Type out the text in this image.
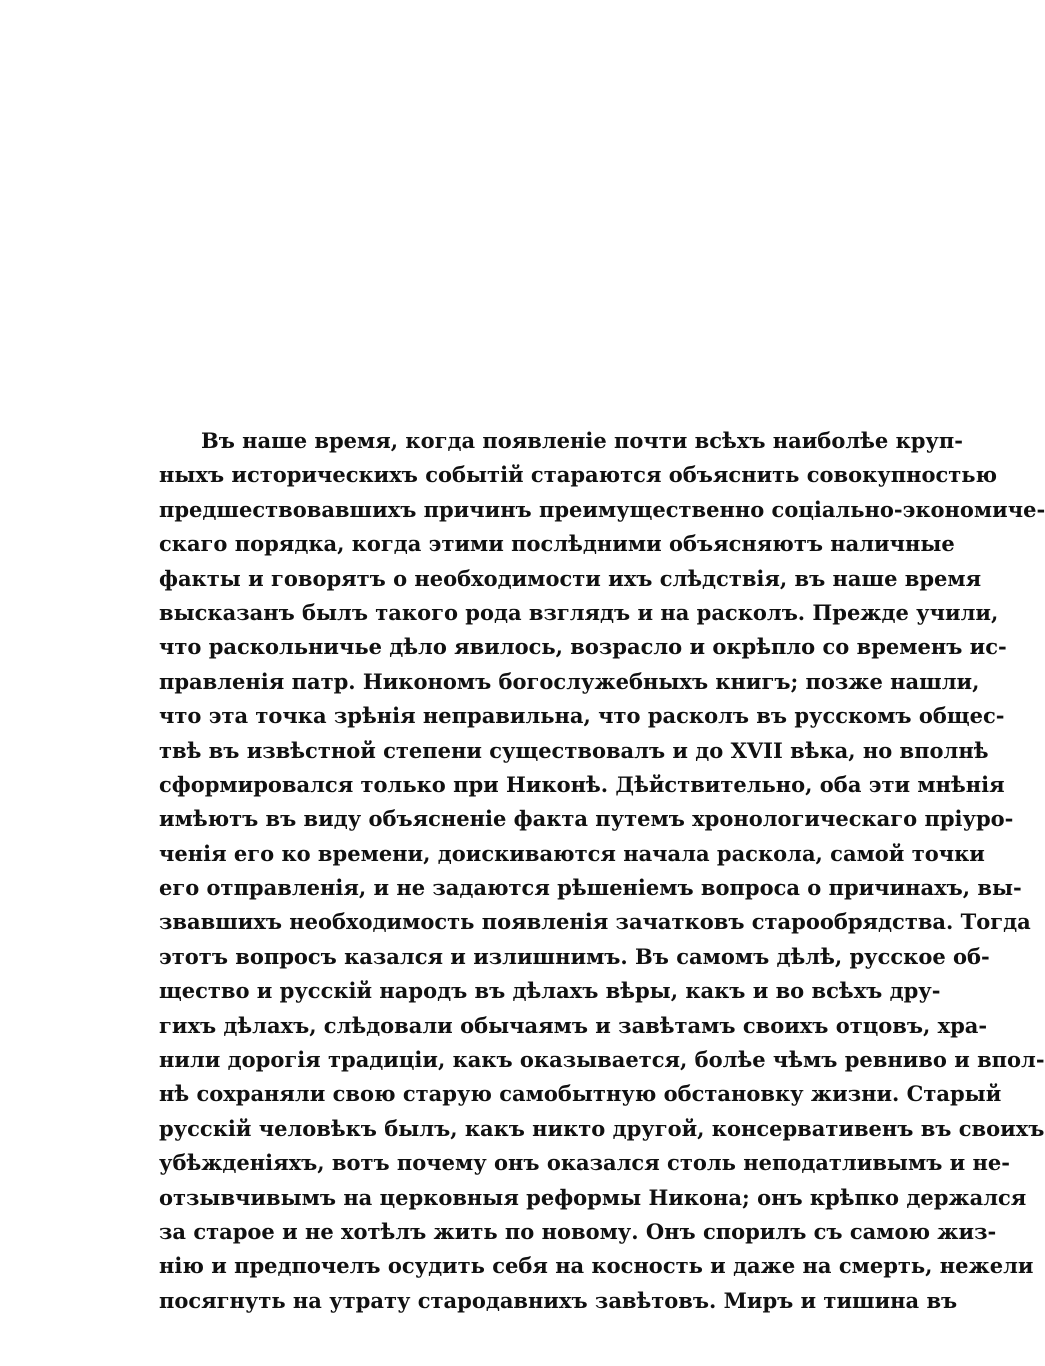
Въ наше время, когда появленіе почти всѣхъ наиболѣе круп-
ныхъ историческихъ событій стараются объяснить совокупностью
предшествовавшихъ причинъ преимущественно соціально-экономиче-
скаго порядка, когда этими послѣдними объясняютъ наличные
факты и говорятъ о необходимости ихъ слѣдствія, въ наше время
высказанъ былъ такого рода взглядъ и на расколъ. Прежде учили,
что раскольничье дѣло явилось, возрасло и окрѣпло со временъ ис-
правленія патр. Никономъ богослужебныхъ книгъ; позже нашли,
что эта точка зрѣнія неправильна, что расколъ въ русскомъ общес-
твѣ въ извѣстной степени существовалъ и до XVII вѣка, но вполнѣ
сформировался только при Никонѣ. Дѣйствительно, оба эти мнѣнія
имѣютъ въ виду объясненіе факта путемъ хронологическаго пріуро-
ченія его ко времени, доискиваются начала раскола, самой точки
его отправленія, и не задаются рѣшеніемъ вопроса о причинахъ, вы-
звавшихъ необходимость появленія зачатковъ старообрядства. Тогда
этотъ вопросъ казался и излишнимъ. Въ самомъ дѣлѣ, русское об-
щество и русскій народъ въ дѣлахъ вѣры, какъ и во всѣхъ дру-
гихъ дѣлахъ, слѣдовали обычаямъ и завѣтамъ своихъ отцовъ, хра-
нили дорогія традиціи, какъ оказывается, болѣе чѣмъ ревниво и впол-
нѣ сохраняли свою старую самобытную обстановку жизни. Старый
русскій человѣкъ былъ, какъ никто другой, консервативенъ въ своихъ
убѣжденіяхъ, вотъ почему онъ оказался столь неподатливымъ и не-
отзывчивымъ на церковныя реформы Никона; онъ крѣпко держался
за старое и не хотѣлъ жить по новому. Онъ спорилъ съ самою жиз-
нію и предпочелъ осудить себя на косность и даже на смерть, нежели
посягнуть на утрату стародавнихъ завѣтовъ. Миръ и тишина въ
